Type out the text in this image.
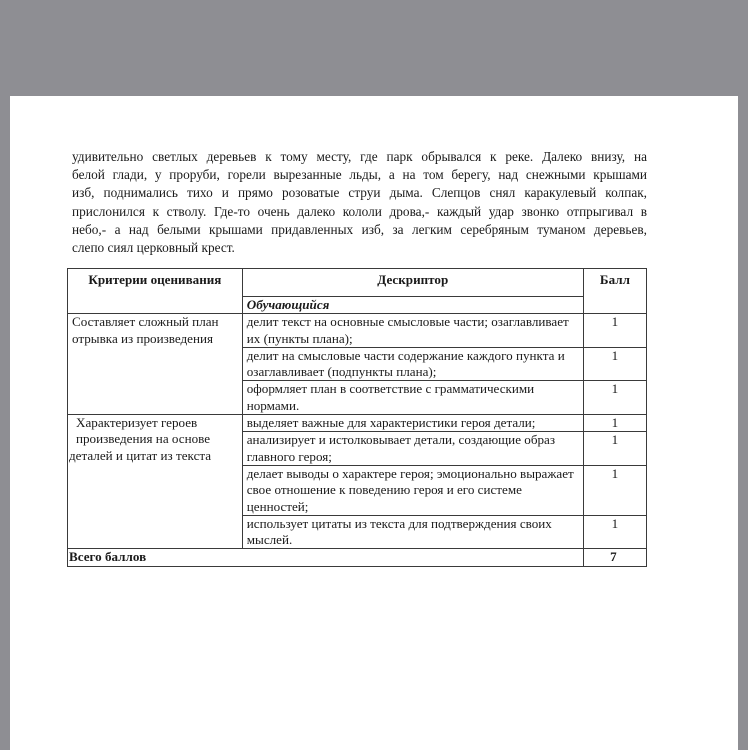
удивительно светлых деревьев к тому месту, где парк обрывался к реке. Далеко внизу, на
белой глади, у проруби, горели вырезанные льды, а на том берегу, над снежными крышами
изб, поднимались тихо и прямо розоватые струи дыма. Слепцов снял каракулевый колпак,
прислонился к стволу. Где-то очень далеко кололи дрова,- каждый удар звонко отпрыгивал в
небо,- а над белыми крышами придавленных изб, за легким серебряным туманом деревьев,
слепо сиял церковный крест.
Критерии оценивания	Дескриптор	Балл
	Обучающийся	

Составляет сложный план
отрывка из произведения	делит текст на основные смысловые части; озаглавливает их (пункты плана);	1
	делит на смысловые части содержание каждого пункта и озаглавливает (подпункты плана);	1
	оформляет план в соответствие с грамматическими нормами.	1

Характеризует героев
произведения на основе
деталей и цитат из текста	выделяет важные для характеристики героя детали;	1
	анализирует и истолковывает детали, создающие образ главного героя;	1
	делает выводы о характере героя; эмоционально выражает свое отношение к поведению героя и его системе ценностей;	1
	использует цитаты из текста для подтверждения своих мыслей.	1
Всего баллов		7
